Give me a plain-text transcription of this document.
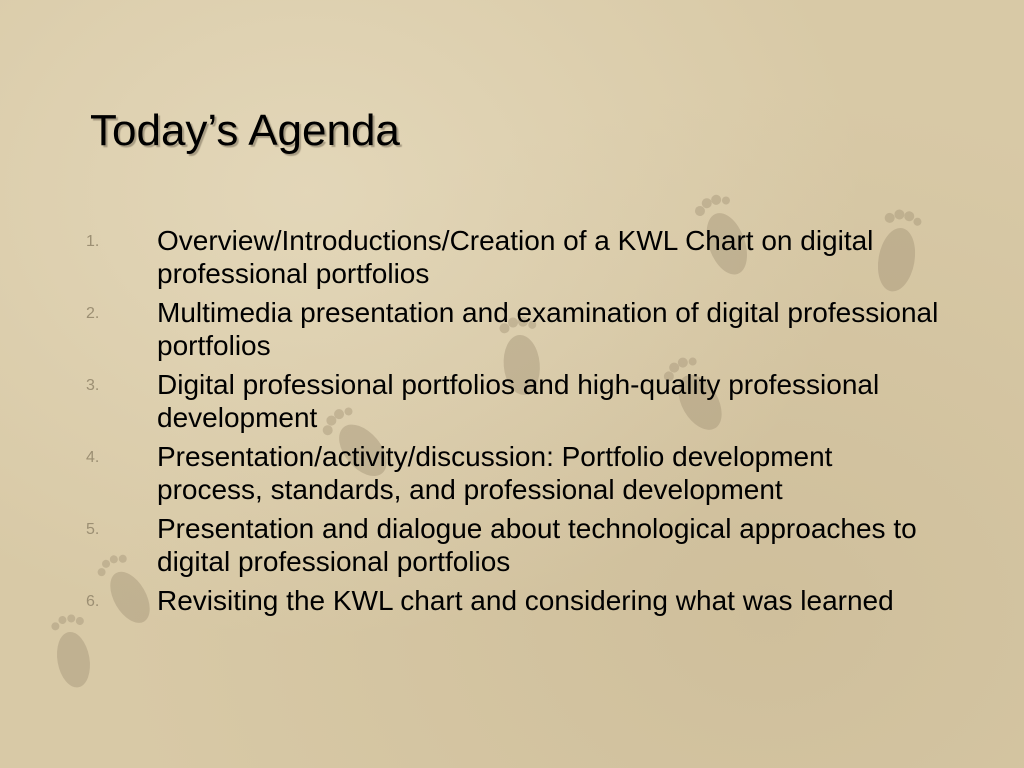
Today’s Agenda
1. Overview/Introductions/Creation of a KWL Chart on digital professional portfolios
2. Multimedia presentation and examination of digital professional portfolios
3. Digital professional portfolios and high-quality professional development
4. Presentation/activity/discussion: Portfolio development process, standards, and professional development
5. Presentation and dialogue about technological approaches to digital professional portfolios
6. Revisiting the KWL chart and considering what was learned
